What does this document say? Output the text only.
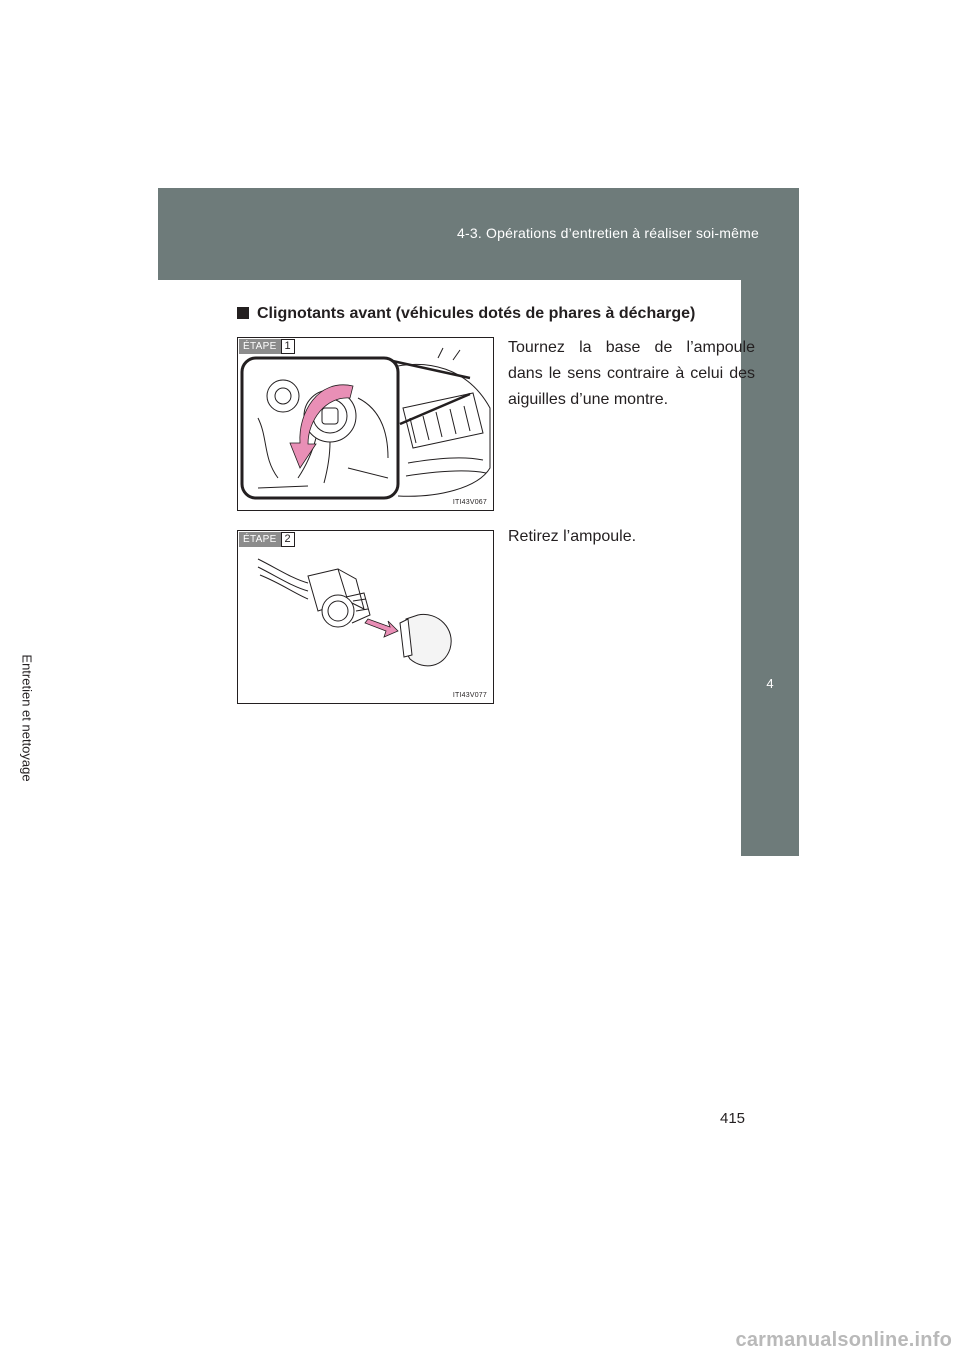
4-3. Opérations d’entretien à réaliser soi-même
4
Entretien et nettoyage
Clignotants avant (véhicules dotés de phares à décharge)
ÉTAPE 1
ITI43V067
Tournez la base de l’ampoule dans le sens contraire à celui des aiguilles d’une montre.
ÉTAPE 2
ITI43V077
Retirez l’ampoule.
415
carmanualsonline.info
